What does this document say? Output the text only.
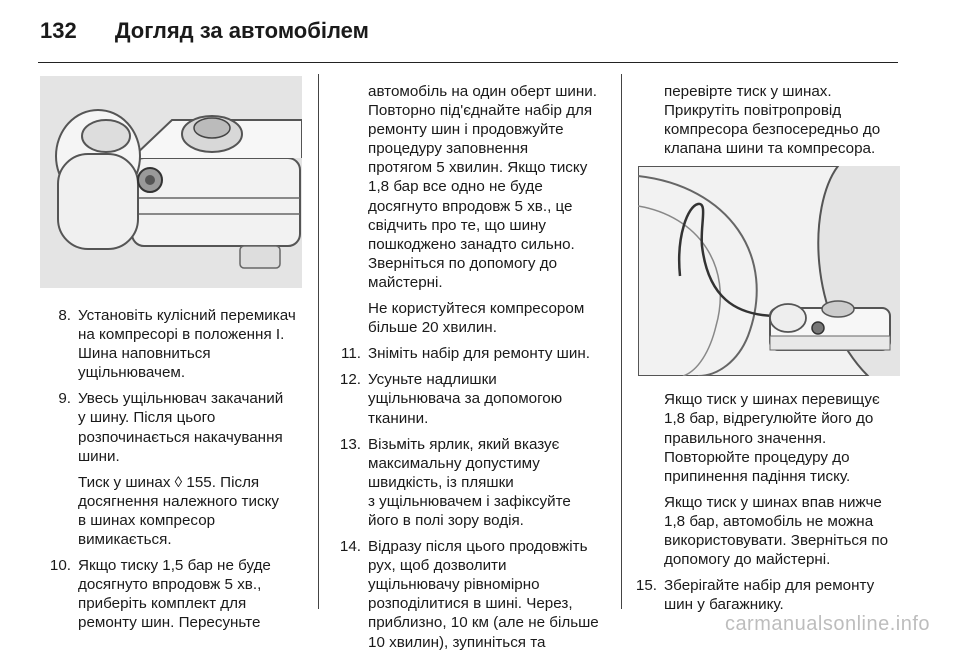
132 Догляд за автомобілем
8. Установіть кулісний перемикач
на компресорі в положення I.
Шина наповниться
ущільнювачем.
9. Увесь ущільнювач закачаний
у шину. Після цього
розпочинається накачування
шини.
Тиск у шинах ◊ 155. Після
досягнення належного тиску
в шинах компресор
вимикається.
10. Якщо тиску 1,5 бар не буде
досягнуто впродовж 5 хв.,
приберіть комплект для
ремонту шин. Пересуньте
автомобіль на один оберт шини.
Повторно під'єднайте набір для
ремонту шин і продовжуйте
процедуру заповнення
протягом 5 хвилин. Якщо тиску
1,8 бар все одно не буде
досягнуто впродовж 5 хв., це
свідчить про те, що шину
пошкоджено занадто сильно.
Зверніться по допомогу до
майстерні.
Не користуйтеся компресором
більше 20 хвилин.
11. Зніміть набір для ремонту шин.
12. Усуньте надлишки
ущільнювача за допомогою
тканини.
13. Візьміть ярлик, який вказує
максимальну допустиму
швидкість, із пляшки
з ущільнювачем і зафіксуйте
його в полі зору водія.
14. Відразу після цього продовжіть
рух, щоб дозволити
ущільнювачу рівномірно
розподілитися в шині. Через,
приблизно, 10 км (але не більше
10 хвилин), зупиніться та
перевірте тиск у шинах.
Прикрутіть повітропровід
компресора безпосередньо до
клапана шини та компресора.
Якщо тиск у шинах перевищує
1,8 бар, відрегулюйте його до
правильного значення.
Повторюйте процедуру до
припинення падіння тиску.
Якщо тиск у шинах впав нижче
1,8 бар, автомобіль не можна
використовувати. Зверніться по
допомогу до майстерні.
15. Зберігайте набір для ремонту
шин у багажнику.
carmanualsonline.info
